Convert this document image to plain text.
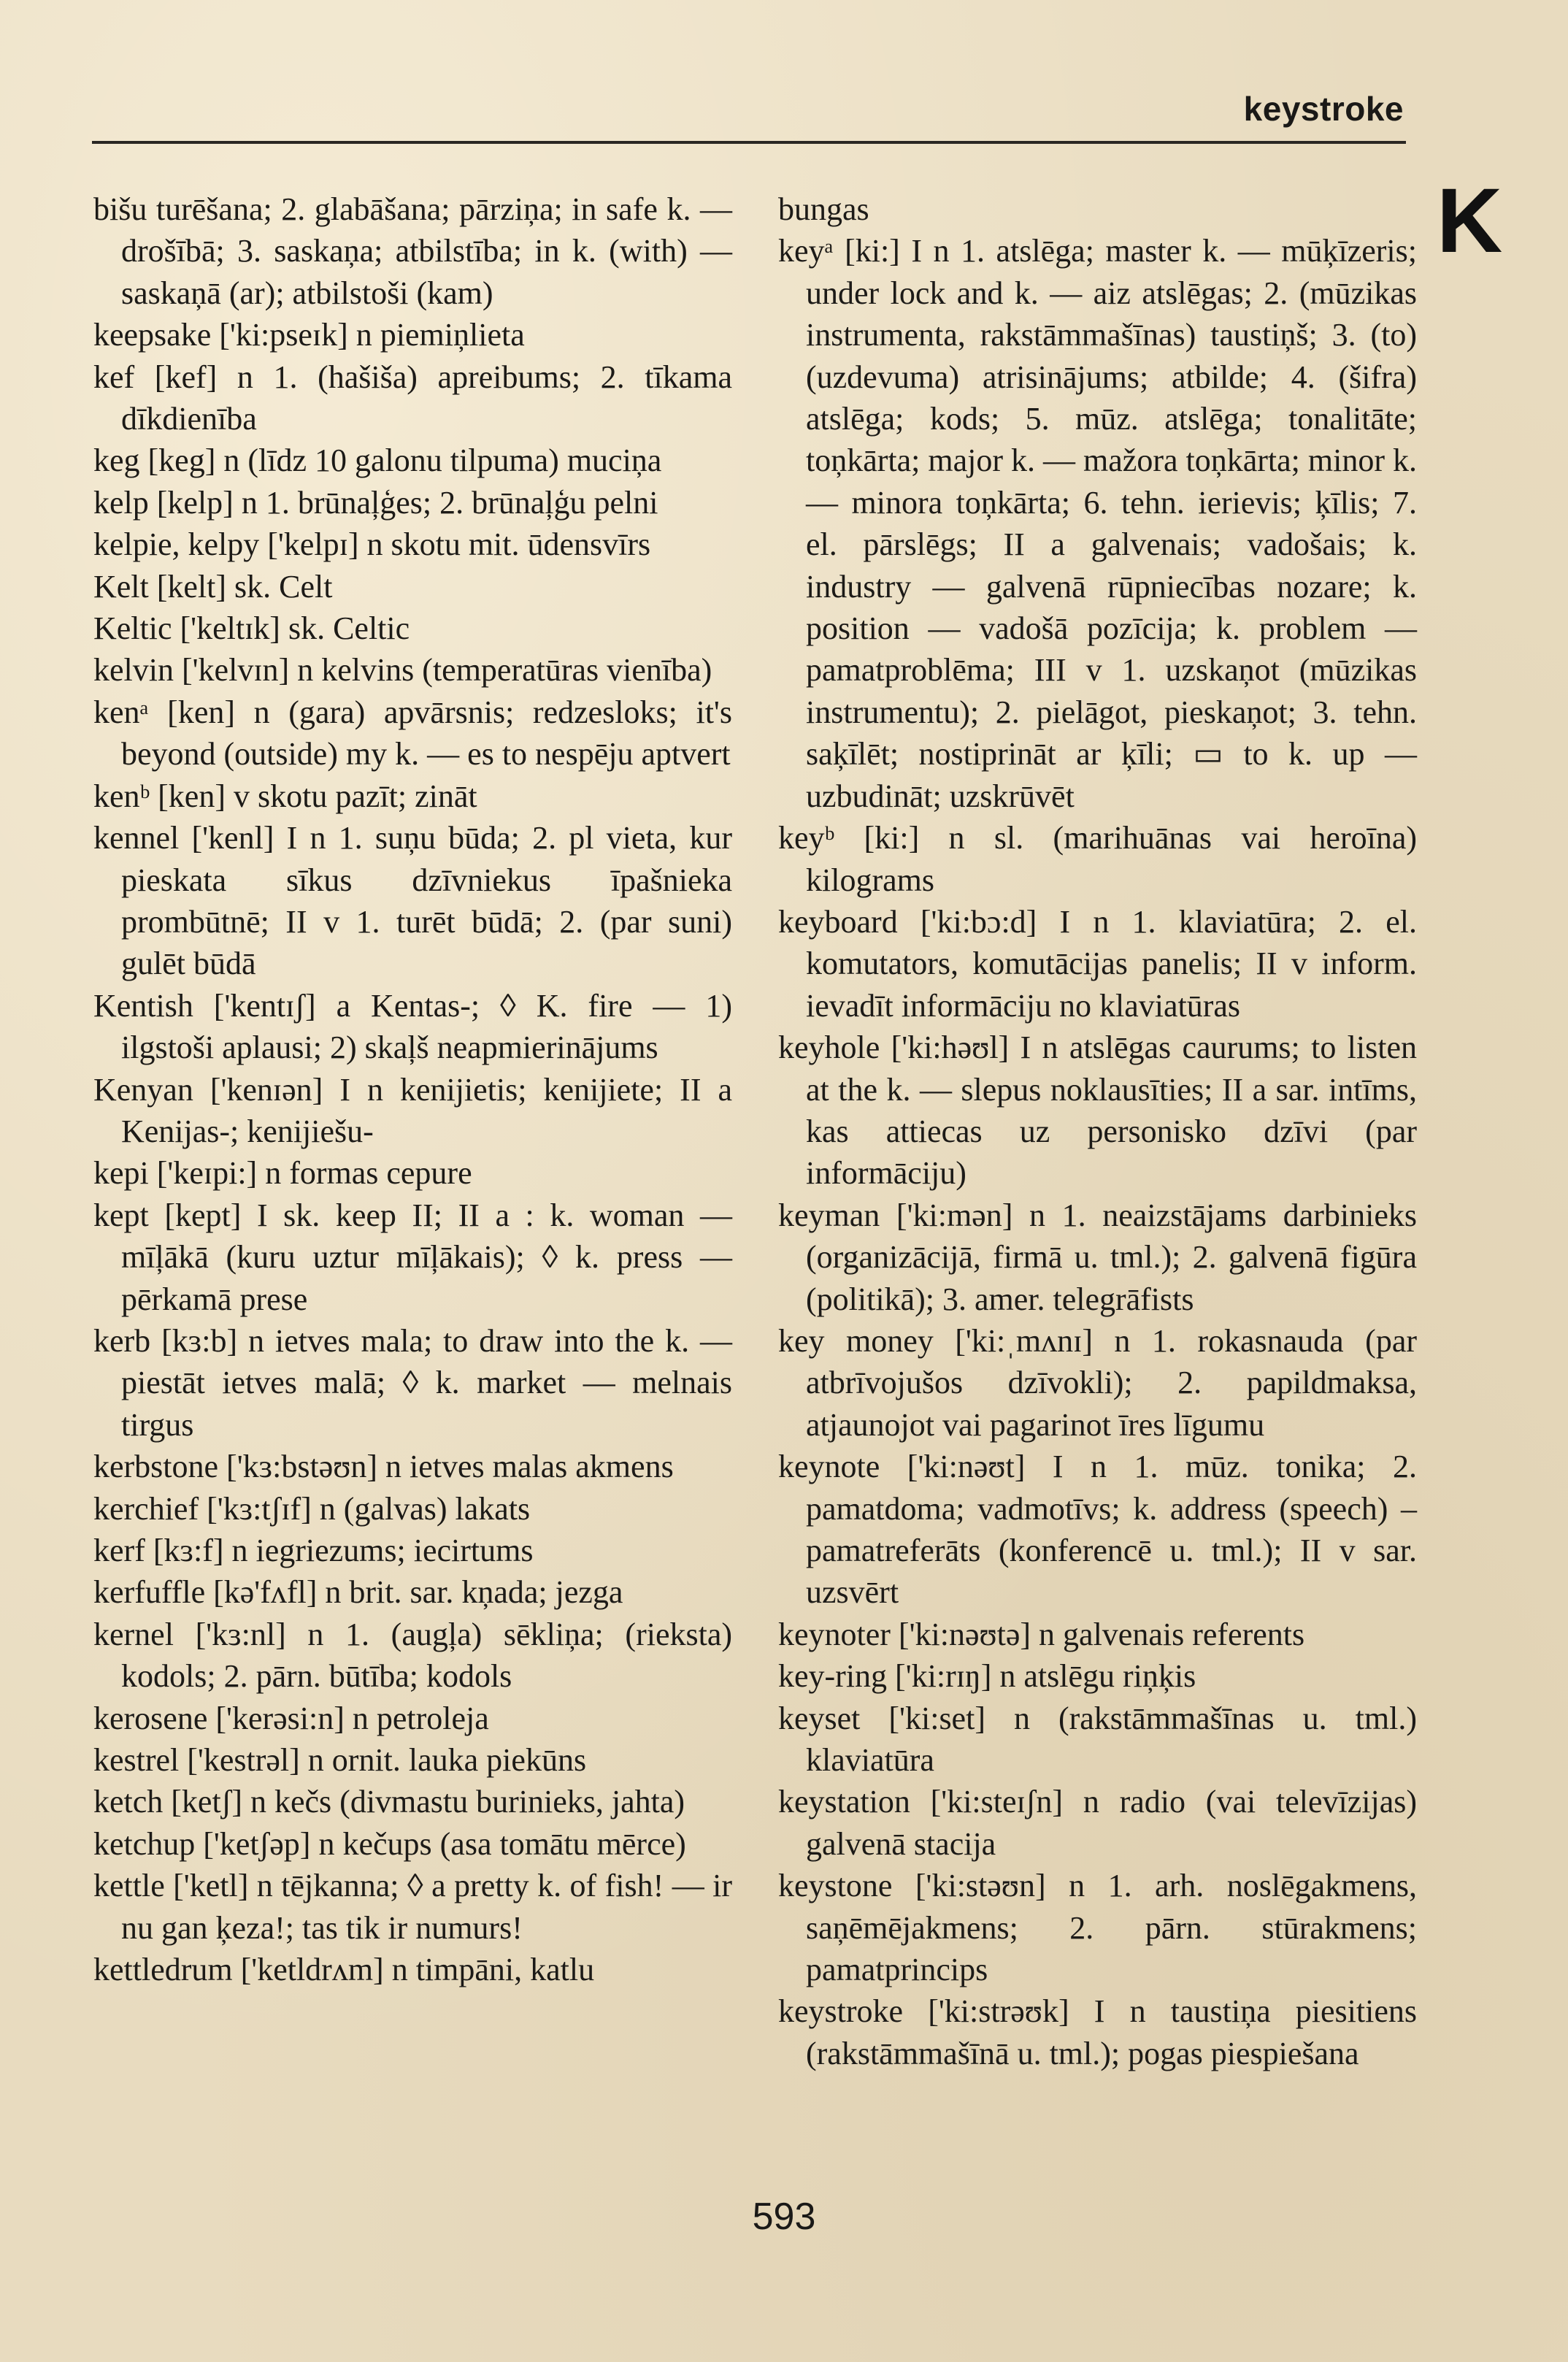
keystroke
K
bišu turēšana; 2. glabāšana; pārziņa; in safe k. — drošībā; 3. saskaņa; atbilstība; in k. (with) — saskaņā (ar); atbilstoši (kam)
keepsake ['ki:pseɪk] n piemiņlieta
kef [kef] n 1. (hašiša) apreibums; 2. tīkama dīkdienība
keg [keg] n (līdz 10 galonu tilpuma) muciņa
kelp [kelp] n 1. brūnaļģes; 2. brūnaļģu pelni
kelpie, kelpy ['kelpɪ] n skotu mit. ūdensvīrs
Kelt [kelt] sk. Celt
Keltic ['keltɪk] sk. Celtic
kelvin ['kelvɪn] n kelvins (temperatūras vienība)
kenᵃ [ken] n (gara) apvārsnis; redzesloks; it's beyond (outside) my k. — es to nespēju aptvert
kenᵇ [ken] v skotu pazīt; zināt
kennel ['kenl] I n 1. suņu būda; 2. pl vieta, kur pieskata sīkus dzīvniekus īpašnieka prombūtnē; II v 1. turēt būdā; 2. (par suni) gulēt būdā
Kentish ['kentɪʃ] a Kentas-; ◊ K. fire — 1) ilgstoši aplausi; 2) skaļš neapmierinājums
Kenyan ['kenɪən] I n kenijietis; kenijiete; II a Kenijas-; kenijiešu-
kepi ['keɪpi:] n formas cepure
kept [kept] I sk. keep II; II a : k. woman — mīļākā (kuru uztur mīļākais); ◊ k. press — pērkamā prese
kerb [kɜ:b] n ietves mala; to draw into the k. — piestāt ietves malā; ◊ k. market — melnais tirgus
kerbstone ['kɜ:bstəʊn] n ietves malas akmens
kerchief ['kɜ:tʃɪf] n (galvas) lakats
kerf [kɜ:f] n iegriezums; iecirtums
kerfuffle [kə'fʌfl] n brit. sar. kņada; jezga
kernel ['kɜ:nl] n 1. (augļa) sēkliņa; (rieksta) kodols; 2. pārn. būtība; kodols
kerosene ['kerəsi:n] n petroleja
kestrel ['kestrəl] n ornit. lauka piekūns
ketch [ketʃ] n kečs (divmastu burinieks, jahta)
ketchup ['ketʃəp] n kečups (asa tomātu mērce)
kettle ['ketl] n tējkanna; ◊ a pretty k. of fish! — ir nu gan ķeza!; tas tik ir numurs!
kettledrum ['ketldrʌm] n timpāni, katlu
bungas
keyᵃ [ki:] I n 1. atslēga; master k. — mūķīzeris; under lock and k. — aiz atslēgas; 2. (mūzikas instrumenta, rakstāmmašīnas) taustiņš; 3. (to) (uzdevuma) atrisinājums; atbilde; 4. (šifra) atslēga; kods; 5. mūz. atslēga; tonalitāte; toņkārta; major k. — mažora toņkārta; minor k. — minora toņkārta; 6. tehn. ierievis; ķīlis; 7. el. pārslēgs; II a galvenais; vadošais; k. industry — galvenā rūpniecības nozare; k. position — vadošā pozīcija; k. problem — pamatproblēma; III v 1. uzskaņot (mūzikas instrumentu); 2. pielāgot, pieskaņot; 3. tehn. saķīlēt; nostiprināt ar ķīli; ▭ to k. up — uzbudināt; uzskrūvēt
keyᵇ [ki:] n sl. (marihuānas vai heroīna) kilograms
keyboard ['ki:bɔ:d] I n 1. klaviatūra; 2. el. komutators, komutācijas panelis; II v inform. ievadīt informāciju no klaviatūras
keyhole ['ki:həʊl] I n atslēgas caurums; to listen at the k. — slepus noklausīties; II a sar. intīms, kas attiecas uz personisko dzīvi (par informāciju)
keyman ['ki:mən] n 1. neaizstājams darbinieks (organizācijā, firmā u. tml.); 2. galvenā figūra (politikā); 3. amer. telegrāfists
key money ['ki:ˌmʌnɪ] n 1. rokasnauda (par atbrīvojušos dzīvokli); 2. papildmaksa, atjaunojot vai pagarinot īres līgumu
keynote ['ki:nəʊt] I n 1. mūz. tonika; 2. pamatdoma; vadmotīvs; k. address (speech) – pamatreferāts (konferencē u. tml.); II v sar. uzsvērt
keynoter ['ki:nəʊtə] n galvenais referents
key-ring ['ki:rɪŋ] n atslēgu riņķis
keyset ['ki:set] n (rakstāmmašīnas u. tml.) klaviatūra
keystation ['ki:steɪʃn] n radio (vai televīzijas) galvenā stacija
keystone ['ki:stəʊn] n 1. arh. noslēgakmens, saņēmējakmens; 2. pārn. stūrakmens; pamatprincips
keystroke ['ki:strəʊk] I n taustiņa piesitiens (rakstāmmašīnā u. tml.); pogas piespiešana
593
